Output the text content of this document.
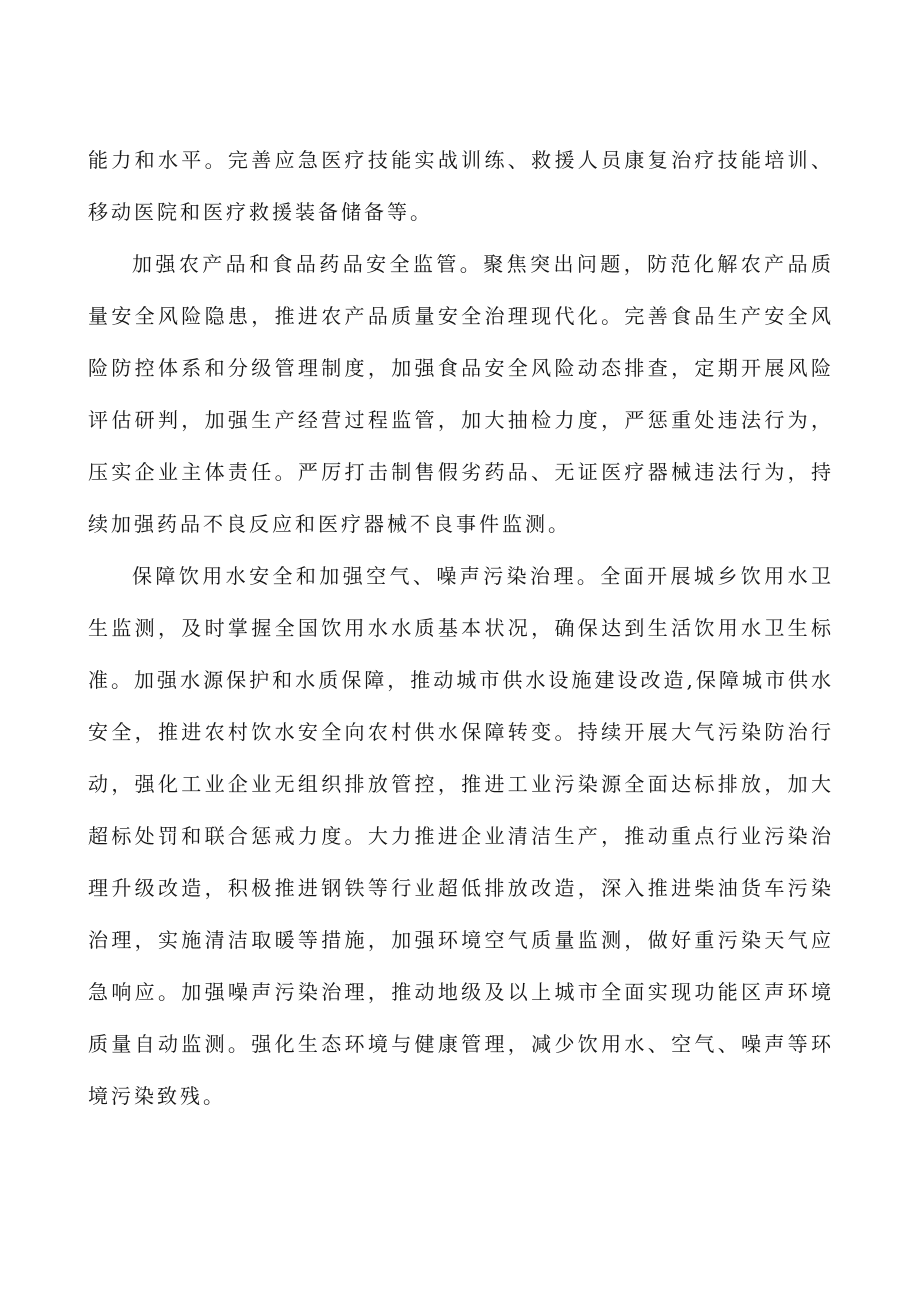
能力和水平。完善应急医疗技能实战训练、救援人员康复治疗技能培训、
移动医院和医疗救援装备储备等。
加强农产品和食品药品安全监管。聚焦突出问题，防范化解农产品质
量安全风险隐患，推进农产品质量安全治理现代化。完善食品生产安全风
险防控体系和分级管理制度，加强食品安全风险动态排查，定期开展风险
评估研判，加强生产经营过程监管，加大抽检力度，严惩重处违法行为，
压实企业主体责任。严厉打击制售假劣药品、无证医疗器械违法行为，持
续加强药品不良反应和医疗器械不良事件监测。
保障饮用水安全和加强空气、噪声污染治理。全面开展城乡饮用水卫
生监测，及时掌握全国饮用水水质基本状况，确保达到生活饮用水卫生标
准。加强水源保护和水质保障，推动城市供水设施建设改造,保障城市供水
安全，推进农村饮水安全向农村供水保障转变。持续开展大气污染防治行
动，强化工业企业无组织排放管控，推进工业污染源全面达标排放，加大
超标处罚和联合惩戒力度。大力推进企业清洁生产，推动重点行业污染治
理升级改造，积极推进钢铁等行业超低排放改造，深入推进柴油货车污染
治理，实施清洁取暖等措施，加强环境空气质量监测，做好重污染天气应
急响应。加强噪声污染治理，推动地级及以上城市全面实现功能区声环境
质量自动监测。强化生态环境与健康管理，减少饮用水、空气、噪声等环
境污染致残。
